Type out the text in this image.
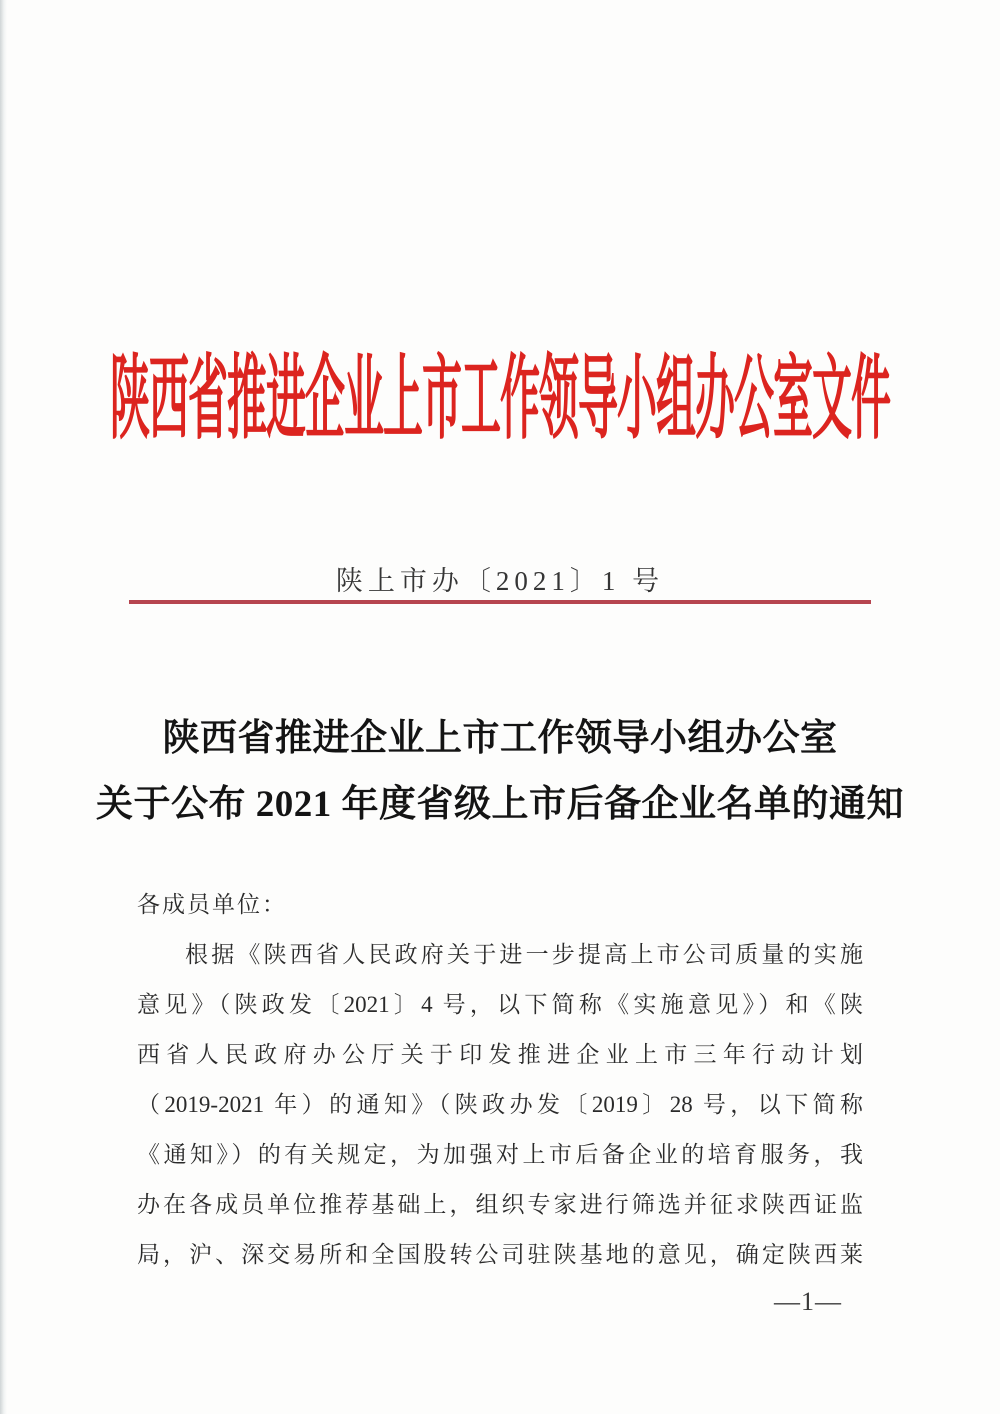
陕西省推进企业上市工作领导小组办公室文件
陕上市办〔2021〕1 号
陕西省推进企业上市工作领导小组办公室
关于公布 2021 年度省级上市后备企业名单的通知
各成员单位：
根据《陕西省人民政府关于进一步提高上市公司质量的实施
意见》（陕政发〔2021〕4 号，以下简称《实施意见》）和《陕
西省人民政府办公厅关于印发推进企业上市三年行动计划
（2019-2021 年）的通知》（陕政办发〔2019〕28 号，以下简称
《通知》）的有关规定，为加强对上市后备企业的培育服务，我
办在各成员单位推荐基础上，组织专家进行筛选并征求陕西证监
局，沪、深交易所和全国股转公司驻陕基地的意见，确定陕西莱
—1—
